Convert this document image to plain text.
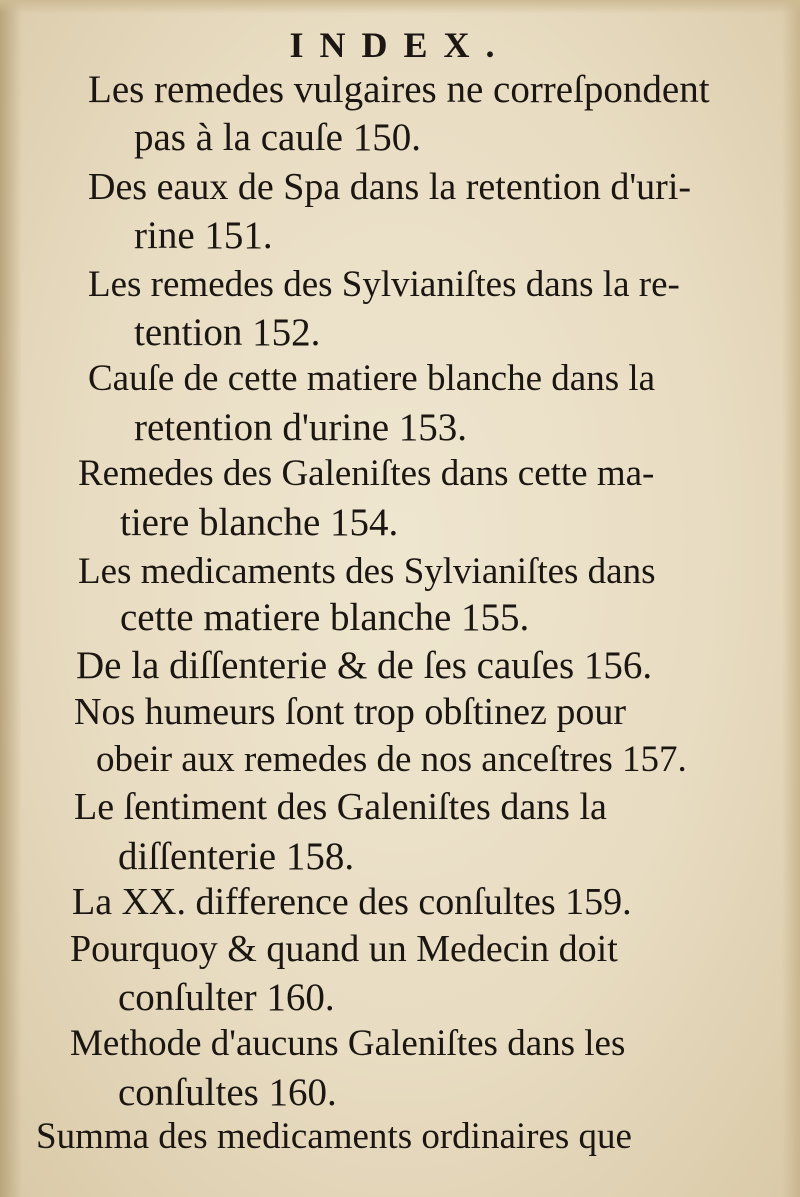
INDEX.
Les remedes vulgaires ne correſpondent
pas à la cauſe 150.
Des eaux de Spa dans la retention d'uri-
rine 151.
Les remedes des Sylvianiſtes dans la re-
tention 152.
Cauſe de cette matiere blanche dans la
retention d'urine 153.
Remedes des Galeniſtes dans cette ma-
tiere blanche 154.
Les medicaments des Sylvianiſtes dans
cette matiere blanche 155.
De la diſſenterie & de ſes cauſes 156.
Nos humeurs ſont trop obſtinez pour
obeir aux remedes de nos anceſtres 157.
Le ſentiment des Galeniſtes dans la
diſſenterie 158.
La XX. difference des conſultes 159.
Pourquoy & quand un Medecin doit
conſulter 160.
Methode d'aucuns Galeniſtes dans les
conſultes 160.
Summa des medicaments ordinaires que
